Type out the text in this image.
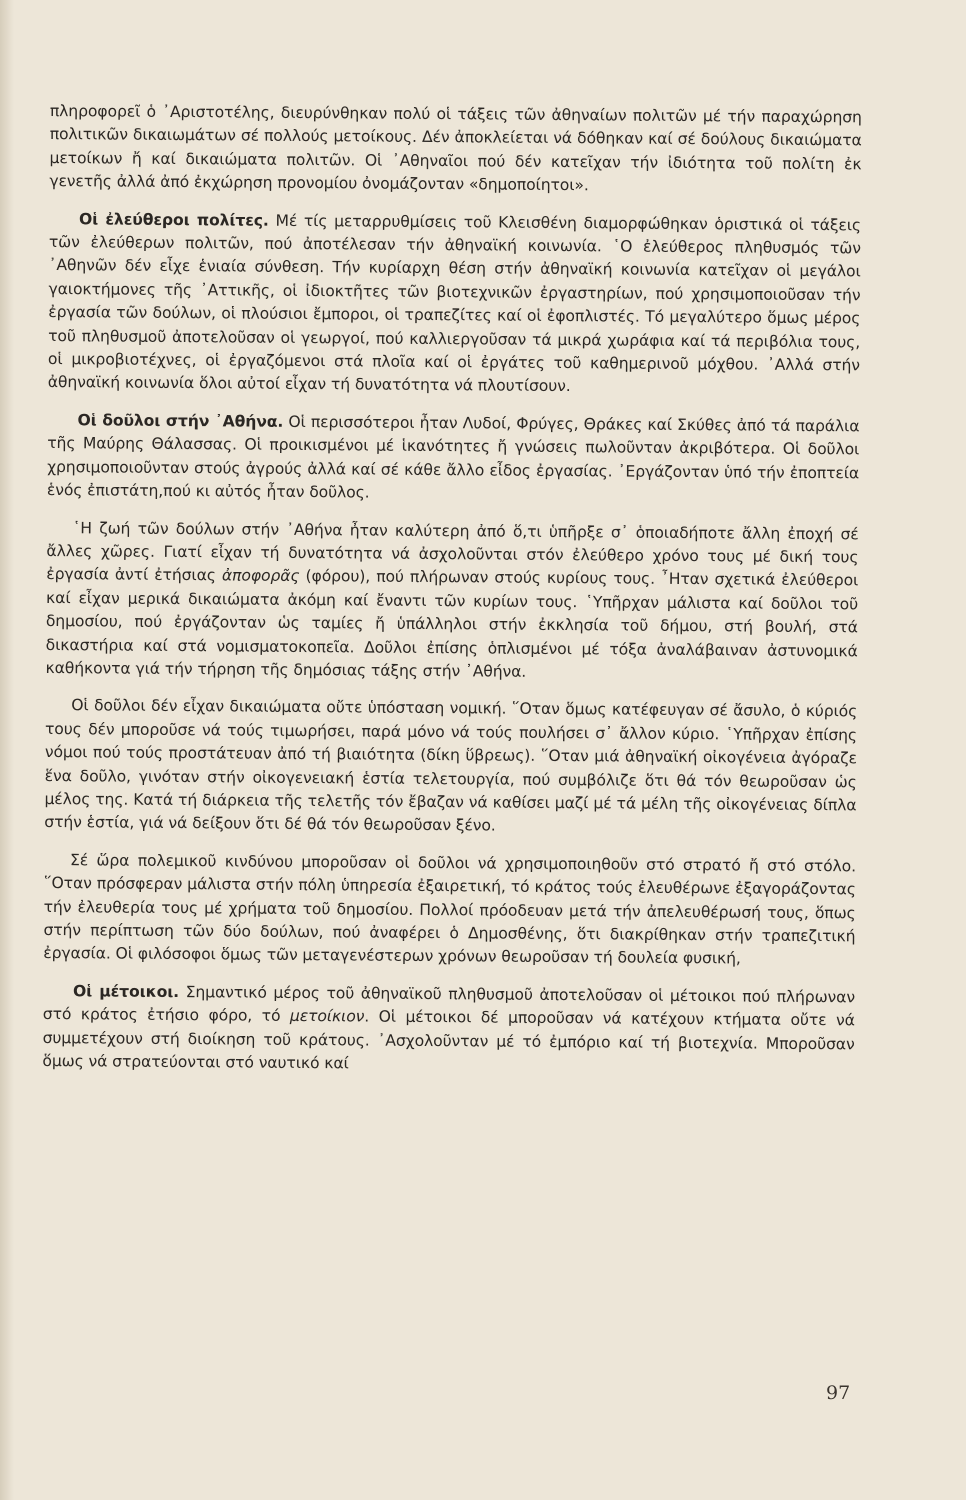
πληροφορεῖ ὁ ᾿Αριστοτέλης, διευρύνθηκαν πολύ οἱ τάξεις τῶν ἀθηναίων πολιτῶν μέ τήν παραχώρηση πολιτικῶν δικαιωμάτων σέ πολλούς μετοίκους. Δέν ἀποκλείεται νά δόθηκαν καί σέ δούλους δικαιώματα μετοίκων ἤ καί δικαιώματα πολιτῶν. Οἱ ᾿Αθηναῖοι πού δέν κατεῖχαν τήν ἰδιότητα τοῦ πολίτη ἐκ γενετῆς ἀλλά ἀπό ἐκχώρηση προνομίου ὀνομάζονταν «δημοποίητοι».

Οἱ ἐλεύθεροι πολίτες. Μέ τίς μεταρρυθμίσεις τοῦ Κλεισθένη διαμορφώθηκαν ὁριστικά οἱ τάξεις τῶν ἐλεύθερων πολιτῶν, πού ἀποτέλεσαν τήν ἀθηναϊκή κοινωνία. ῾Ο ἐλεύθερος πληθυσμός τῶν ᾿Αθηνῶν δέν εἶχε ἑνιαία σύνθεση. Τήν κυρίαρχη θέση στήν ἀθηναϊκή κοινωνία κατεῖχαν οἱ μεγάλοι γαιοκτήμονες τῆς ᾿Αττικῆς, οἱ ἰδιοκτῆτες τῶν βιοτεχνικῶν ἐργαστηρίων, πού χρησιμοποιοῦσαν τήν ἐργασία τῶν δούλων, οἱ πλούσιοι ἔμποροι, οἱ τραπεζίτες καί οἱ ἐφοπλιστές. Τό μεγαλύτερο ὅμως μέρος τοῦ πληθυσμοῦ ἀποτελοῦσαν οἱ γεωργοί, πού καλλιεργοῦσαν τά μικρά χωράφια καί τά περιβόλια τους, οἱ μικροβιοτέχνες, οἱ ἐργαζόμενοι στά πλοῖα καί οἱ ἐργάτες τοῦ καθημερινοῦ μόχθου. ᾿Αλλά στήν ἀθηναϊκή κοινωνία ὅλοι αὐτοί εἶχαν τή δυνατότητα νά πλουτίσουν.

Οἱ δοῦλοι στήν ᾿Αθήνα. Οἱ περισσότεροι ἦταν Λυδοί, Φρύγες, Θράκες καί Σκύθες ἀπό τά παράλια τῆς Μαύρης Θάλασσας. Οἱ προικισμένοι μέ ἱκανότητες ἤ γνώσεις πωλοῦνταν ἀκριβότερα. Οἱ δοῦλοι χρησιμοποιοῦνταν στούς ἀγρούς ἀλλά καί σέ κάθε ἄλλο εἶδος ἐργασίας. ᾿Εργάζονταν ὑπό τήν ἐποπτεία ἑνός ἐπιστάτη,πού κι αὐτός ἦταν δοῦλος.

῾Η ζωή τῶν δούλων στήν ᾿Αθήνα ἦταν καλύτερη ἀπό ὅ,τι ὑπῆρξε σ᾿ ὁποιαδήποτε ἄλλη ἐποχή σέ ἄλλες χῶρες. Γιατί εἶχαν τή δυνατότητα νά ἀσχολοῦνται στόν ἐλεύθερο χρόνο τους μέ δική τους ἐργασία ἀντί ἐτήσιας ἀποφορᾶς (φόρου), πού πλήρωναν στούς κυρίους τους. ῏Ηταν σχετικά ἐλεύθεροι καί εἶχαν μερικά δικαιώματα ἀκόμη καί ἔναντι τῶν κυρίων τους. ῾Υπῆρχαν μάλιστα καί δοῦλοι τοῦ δημοσίου, πού ἐργάζονταν ὡς ταμίες ἤ ὑπάλληλοι στήν ἐκκλησία τοῦ δήμου, στή βουλή, στά δικαστήρια καί στά νομισματοκοπεῖα. Δοῦλοι ἐπίσης ὁπλισμένοι μέ τόξα ἀναλάβαιναν ἀστυνομικά καθήκοντα γιά τήν τήρηση τῆς δημόσιας τάξης στήν ᾿Αθήνα.

Οἱ δοῦλοι δέν εἶχαν δικαιώματα οὔτε ὑπόσταση νομική. ῞Οταν ὅμως κατέφευγαν σέ ἄσυλο, ὁ κύριός τους δέν μποροῦσε νά τούς τιμωρήσει, παρά μόνο νά τούς πουλήσει σ᾿ ἄλλον κύριο. ῾Υπῆρχαν ἐπίσης νόμοι πού τούς προστάτευαν ἀπό τή βιαιότητα (δίκη ὕβρεως). ῞Οταν μιά ἀθηναϊκή οἰκογένεια ἀγόραζε ἕνα δοῦλο, γινόταν στήν οἰκογενειακή ἑστία τελετουργία, πού συμβόλιζε ὅτι θά τόν θεωροῦσαν ὡς μέλος της. Κατά τή διάρκεια τῆς τελετῆς τόν ἔβαζαν νά καθίσει μαζί μέ τά μέλη τῆς οἰκογένειας δίπλα στήν ἑστία, γιά νά δείξουν ὅτι δέ θά τόν θεωροῦσαν ξένο.

Σέ ὥρα πολεμικοῦ κινδύνου μποροῦσαν οἱ δοῦλοι νά χρησιμοποιηθοῦν στό στρατό ἤ στό στόλο. ῞Οταν πρόσφεραν μάλιστα στήν πόλη ὑπηρεσία ἐξαιρετική, τό κράτος τούς ἐλευθέρωνε ἐξαγοράζοντας τήν ἐλευθερία τους μέ χρήματα τοῦ δημοσίου. Πολλοί πρόοδευαν μετά τήν ἀπελευθέρωσή τους, ὅπως στήν περίπτωση τῶν δύο δούλων, πού ἀναφέρει ὁ Δημοσθένης, ὅτι διακρίθηκαν στήν τραπεζιτική ἐργασία. Οἱ φιλόσοφοι ὅμως τῶν μεταγενέστερων χρόνων θεωροῦσαν τή δουλεία φυσική,

Οἱ μέτοικοι. Σημαντικό μέρος τοῦ ἀθηναϊκοῦ πληθυσμοῦ ἀποτελοῦσαν οἱ μέτοικοι πού πλήρωναν στό κράτος ἐτήσιο φόρο, τό μετοίκιον. Οἱ μέτοικοι δέ μποροῦσαν νά κατέχουν κτήματα οὔτε νά συμμετέχουν στή διοίκηση τοῦ κράτους. ᾿Ασχολοῦνταν μέ τό ἐμπόριο καί τή βιοτεχνία. Μποροῦσαν ὅμως νά στρατεύονται στό ναυτικό καί

97
